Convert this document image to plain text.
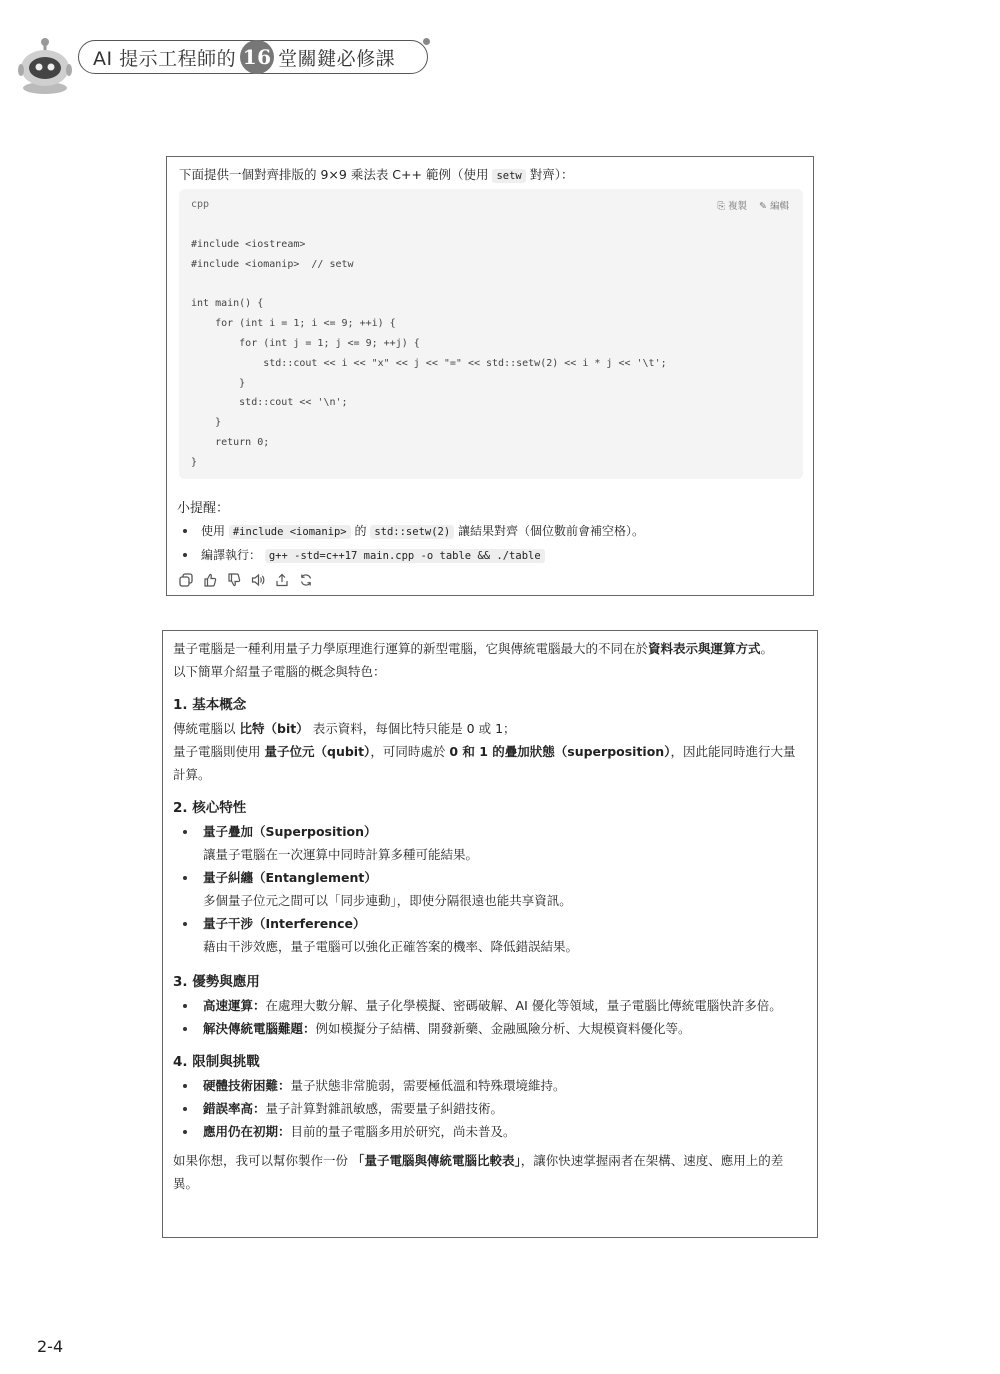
AI 提示工程師的 16 堂關鍵必修課
下面提供一個對齊排版的 9×9 乘法表 C++ 範例（使用 setw 對齊）：
cpp	⎘ 複製 ✎ 編輯
#include <iostream>
#include <iomanip>  // setw
int main() {
for (int i = 1; i <= 9; ++i) {
for (int j = 1; j <= 9; ++j) {
std::cout << i << "x" << j << "=" << std::setw(2) << i * j << '\t';
}
std::cout << '\n';
}
return 0;
}
小提醒：
使用 #include <iomanip> 的 std::setw(2) 讓結果對齊（個位數前會補空格）。
編譯執行： g++ -std=c++17 main.cpp -o table && ./table

量子電腦是一種利用量子力學原理進行運算的新型電腦，它與傳統電腦最大的不同在於資料表示與運算方式。

以下簡單介紹量子電腦的概念與特色：

1. 基本概念

傳統電腦以 比特（bit） 表示資料，每個比特只能是 0 或 1；

量子電腦則使用 量子位元（qubit），可同時處於 0 和 1 的疊加狀態（superposition），因此能同時進行大量計算。

2. 核心特性

量子疊加（Superposition）
讓量子電腦在一次運算中同時計算多種可能結果。
量子糾纏（Entanglement）
多個量子位元之間可以「同步連動」，即使分隔很遠也能共享資訊。
量子干涉（Interference）
藉由干涉效應，量子電腦可以強化正確答案的機率、降低錯誤結果。

3. 優勢與應用

高速運算：在處理大數分解、量子化學模擬、密碼破解、AI 優化等領域，量子電腦比傳統電腦快許多倍。
解決傳統電腦難題：例如模擬分子結構、開發新藥、金融風險分析、大規模資料優化等。

4. 限制與挑戰

硬體技術困難：量子狀態非常脆弱，需要極低溫和特殊環境維持。
錯誤率高：量子計算對雜訊敏感，需要量子糾錯技術。
應用仍在初期：目前的量子電腦多用於研究，尚未普及。

如果你想，我可以幫你製作一份 「量子電腦與傳統電腦比較表」，讓你快速掌握兩者在架構、速度、應用上的差異。

2-4
